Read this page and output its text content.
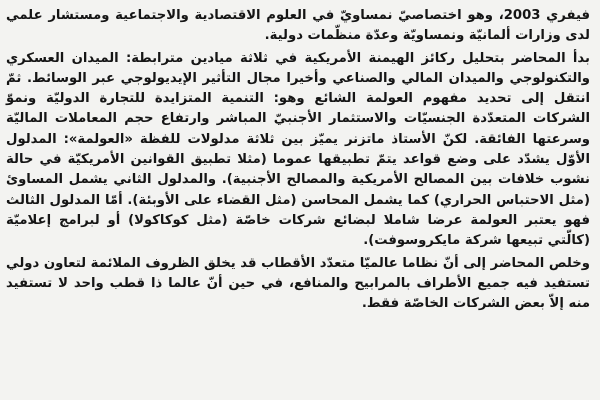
فيفري 2003، وهو اختصاصيّ نمساويّ في العلوم الاقتصادية والاجتماعية ومستشار علمي لدى وزارات ألمانيّة ونمساويّة وعدّة منظّمات دولية.

بدأ المحاضر بتحليل ركائز الهيمنة الأمريكية في ثلاثة ميادين مترابطة: الميدان العسكري والتكنولوجي والميدان المالي والصناعي وأخيرا مجال التأثير الإيديولوجي عبر الوسائط. ثمّ انتقل إلى تحديد مفهوم العولمة الشائع وهو: التنمية المتزايدة للتجارة الدوليّة ونموّ الشركات المتعدّدة الجنسيّات والاستثمار الأجنبيّ المباشر وارتفاع حجم المعاملات الماليّة وسرعتها الفائقة. لكنّ الأستاذ ماتزنر يميّز بين ثلاثة مدلولات للفظة «العولمة»: المدلول الأوّل يشدّد على وضع قواعد يتمّ تطبيقها عموما (مثلا تطبيق القوانين الأمريكيّة في حالة نشوب خلافات بين المصالح الأمريكية والمصالح الأجنبية). والمدلول الثاني يشمل المساوئ (مثل الاحتباس الحراري) كما يشمل المحاسن (مثل القضاء على الأوبئة). أمّا المدلول الثالث فهو يعتبر العولمة عرضا شاملا لبضائع شركات خاصّة (مثل كوكاكولا) أو لبرامج إعلاميّة (كالّتي تبيعها شركة مايكروسوفت).

وخلص المحاضر إلى أنّ نظاما عالميّا متعدّد الأقطاب قد يخلق الظروف الملائمة لتعاون دولي تستفيد فيه جميع الأطراف بالمرابيح والمنافع، في حين أنّ عالما ذا قطب واحد لا تستفيد منه إلاّ بعض الشركات الخاصّة فقط.
